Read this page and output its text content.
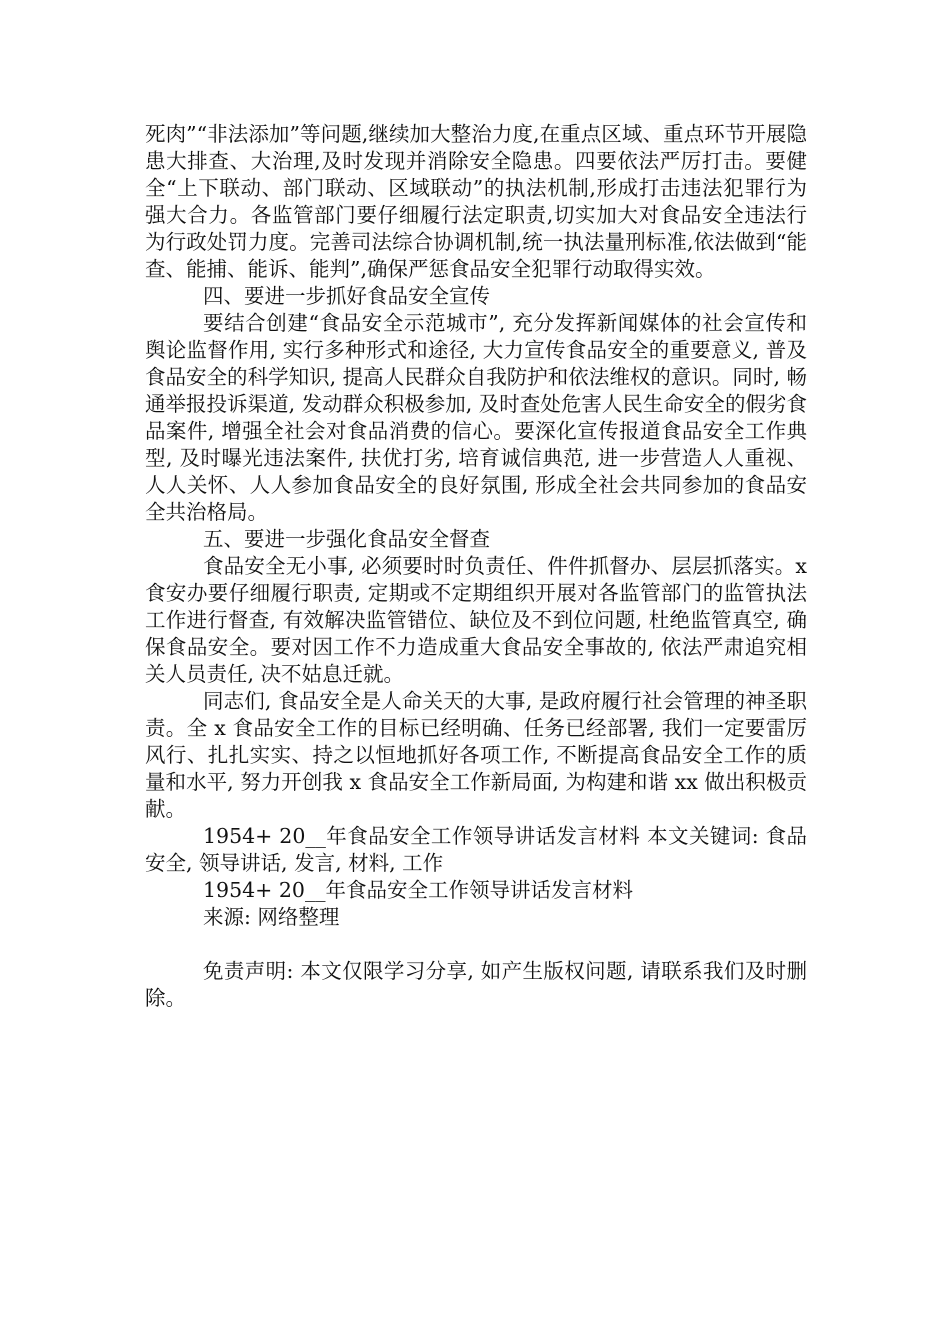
死肉”“非法添加”等问题,继续加大整治力度,在重点区域、重点环节开展隐患大排查、大治理,及时发现并消除安全隐患。四要依法严厉打击。要健全“上下联动、部门联动、区域联动”的执法机制,形成打击违法犯罪行为强大合力。各监管部门要仔细履行法定职责,切实加大对食品安全违法行为行政处罚力度。完善司法综合协调机制,统一执法量刑标准,依法做到“能查、能捕、能诉、能判”,确保严惩食品安全犯罪行动取得实效。

四、要进一步抓好食品安全宣传

要结合创建“食品安全示范城市”, 充分发挥新闻媒体的社会宣传和舆论监督作用, 实行多种形式和途径, 大力宣传食品安全的重要意义, 普及食品安全的科学知识, 提高人民群众自我防护和依法维权的意识。同时, 畅通举报投诉渠道, 发动群众积极参加, 及时查处危害人民生命安全的假劣食品案件, 增强全社会对食品消费的信心。要深化宣传报道食品安全工作典型, 及时曝光违法案件, 扶优打劣, 培育诚信典范, 进一步营造人人重视、人人关怀、人人参加食品安全的良好氛围, 形成全社会共同参加的食品安全共治格局。

五、要进一步强化食品安全督查

食品安全无小事, 必须要时时负责任、件件抓督办、层层抓落实。x 食安办要仔细履行职责, 定期或不定期组织开展对各监管部门的监管执法工作进行督查, 有效解决监管错位、缺位及不到位问题, 杜绝监管真空, 确保食品安全。要对因工作不力造成重大食品安全事故的, 依法严肃追究相关人员责任, 决不姑息迁就。

同志们, 食品安全是人命关天的大事, 是政府履行社会管理的神圣职责。全 x 食品安全工作的目标已经明确、任务已经部署, 我们一定要雷厉风行、扎扎实实、持之以恒地抓好各项工作, 不断提高食品安全工作的质量和水平, 努力开创我 x 食品安全工作新局面, 为构建和谐 xx 做出积极贡献。

1954+ 20__年食品安全工作领导讲话发言材料 本文关键词: 食品安全, 领导讲话, 发言, 材料, 工作

1954+ 20__年食品安全工作领导讲话发言材料

来源: 网络整理

免责声明: 本文仅限学习分享, 如产生版权问题, 请联系我们及时删除。
